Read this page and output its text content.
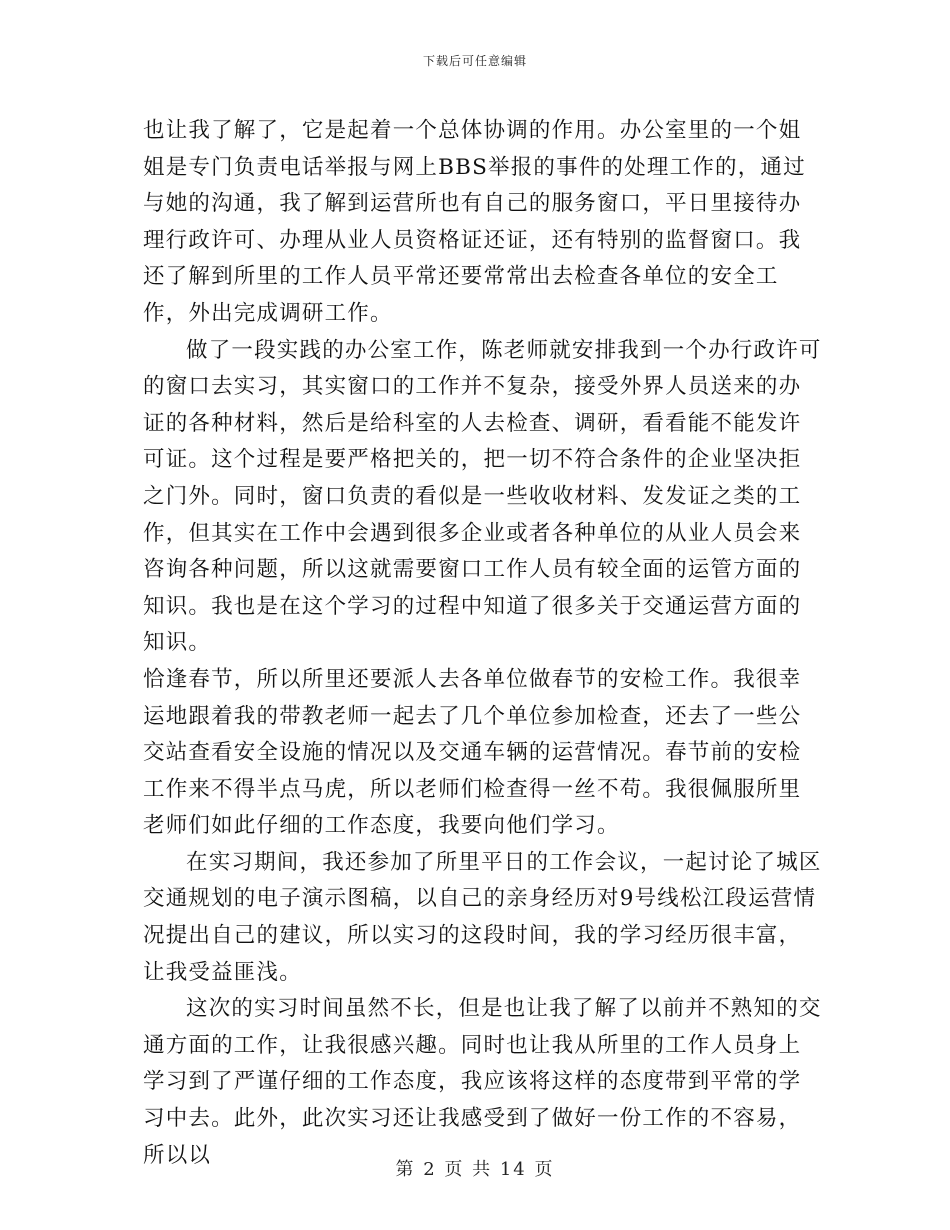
下载后可任意编辑

也让我了解了，它是起着一个总体协调的作用。办公室里的一个姐姐是专门负责电话举报与网上BBS举报的事件的处理工作的，通过与她的沟通，我了解到运营所也有自己的服务窗口，平日里接待办理行政许可、办理从业人员资格证还证，还有特别的监督窗口。我还了解到所里的工作人员平常还要常常出去检查各单位的安全工作，外出完成调研工作。

做了一段实践的办公室工作，陈老师就安排我到一个办行政许可的窗口去实习，其实窗口的工作并不复杂，接受外界人员送来的办证的各种材料，然后是给科室的人去检查、调研，看看能不能发许可证。这个过程是要严格把关的，把一切不符合条件的企业坚决拒之门外。同时，窗口负责的看似是一些收收材料、发发证之类的工作，但其实在工作中会遇到很多企业或者各种单位的从业人员会来咨询各种问题，所以这就需要窗口工作人员有较全面的运管方面的知识。我也是在这个学习的过程中知道了很多关于交通运营方面的知识。

恰逢春节，所以所里还要派人去各单位做春节的安检工作。我很幸运地跟着我的带教老师一起去了几个单位参加检查，还去了一些公交站查看安全设施的情况以及交通车辆的运营情况。春节前的安检工作来不得半点马虎，所以老师们检查得一丝不苟。我很佩服所里老师们如此仔细的工作态度，我要向他们学习。

在实习期间，我还参加了所里平日的工作会议，一起讨论了城区交通规划的电子演示图稿，以自己的亲身经历对9号线松江段运营情况提出自己的建议，所以实习的这段时间，我的学习经历很丰富，让我受益匪浅。

这次的实习时间虽然不长，但是也让我了解了以前并不熟知的交通方面的工作，让我很感兴趣。同时也让我从所里的工作人员身上学习到了严谨仔细的工作态度，我应该将这样的态度带到平常的学习中去。此外，此次实习还让我感受到了做好一份工作的不容易，所以以

第 2 页 共 14 页
